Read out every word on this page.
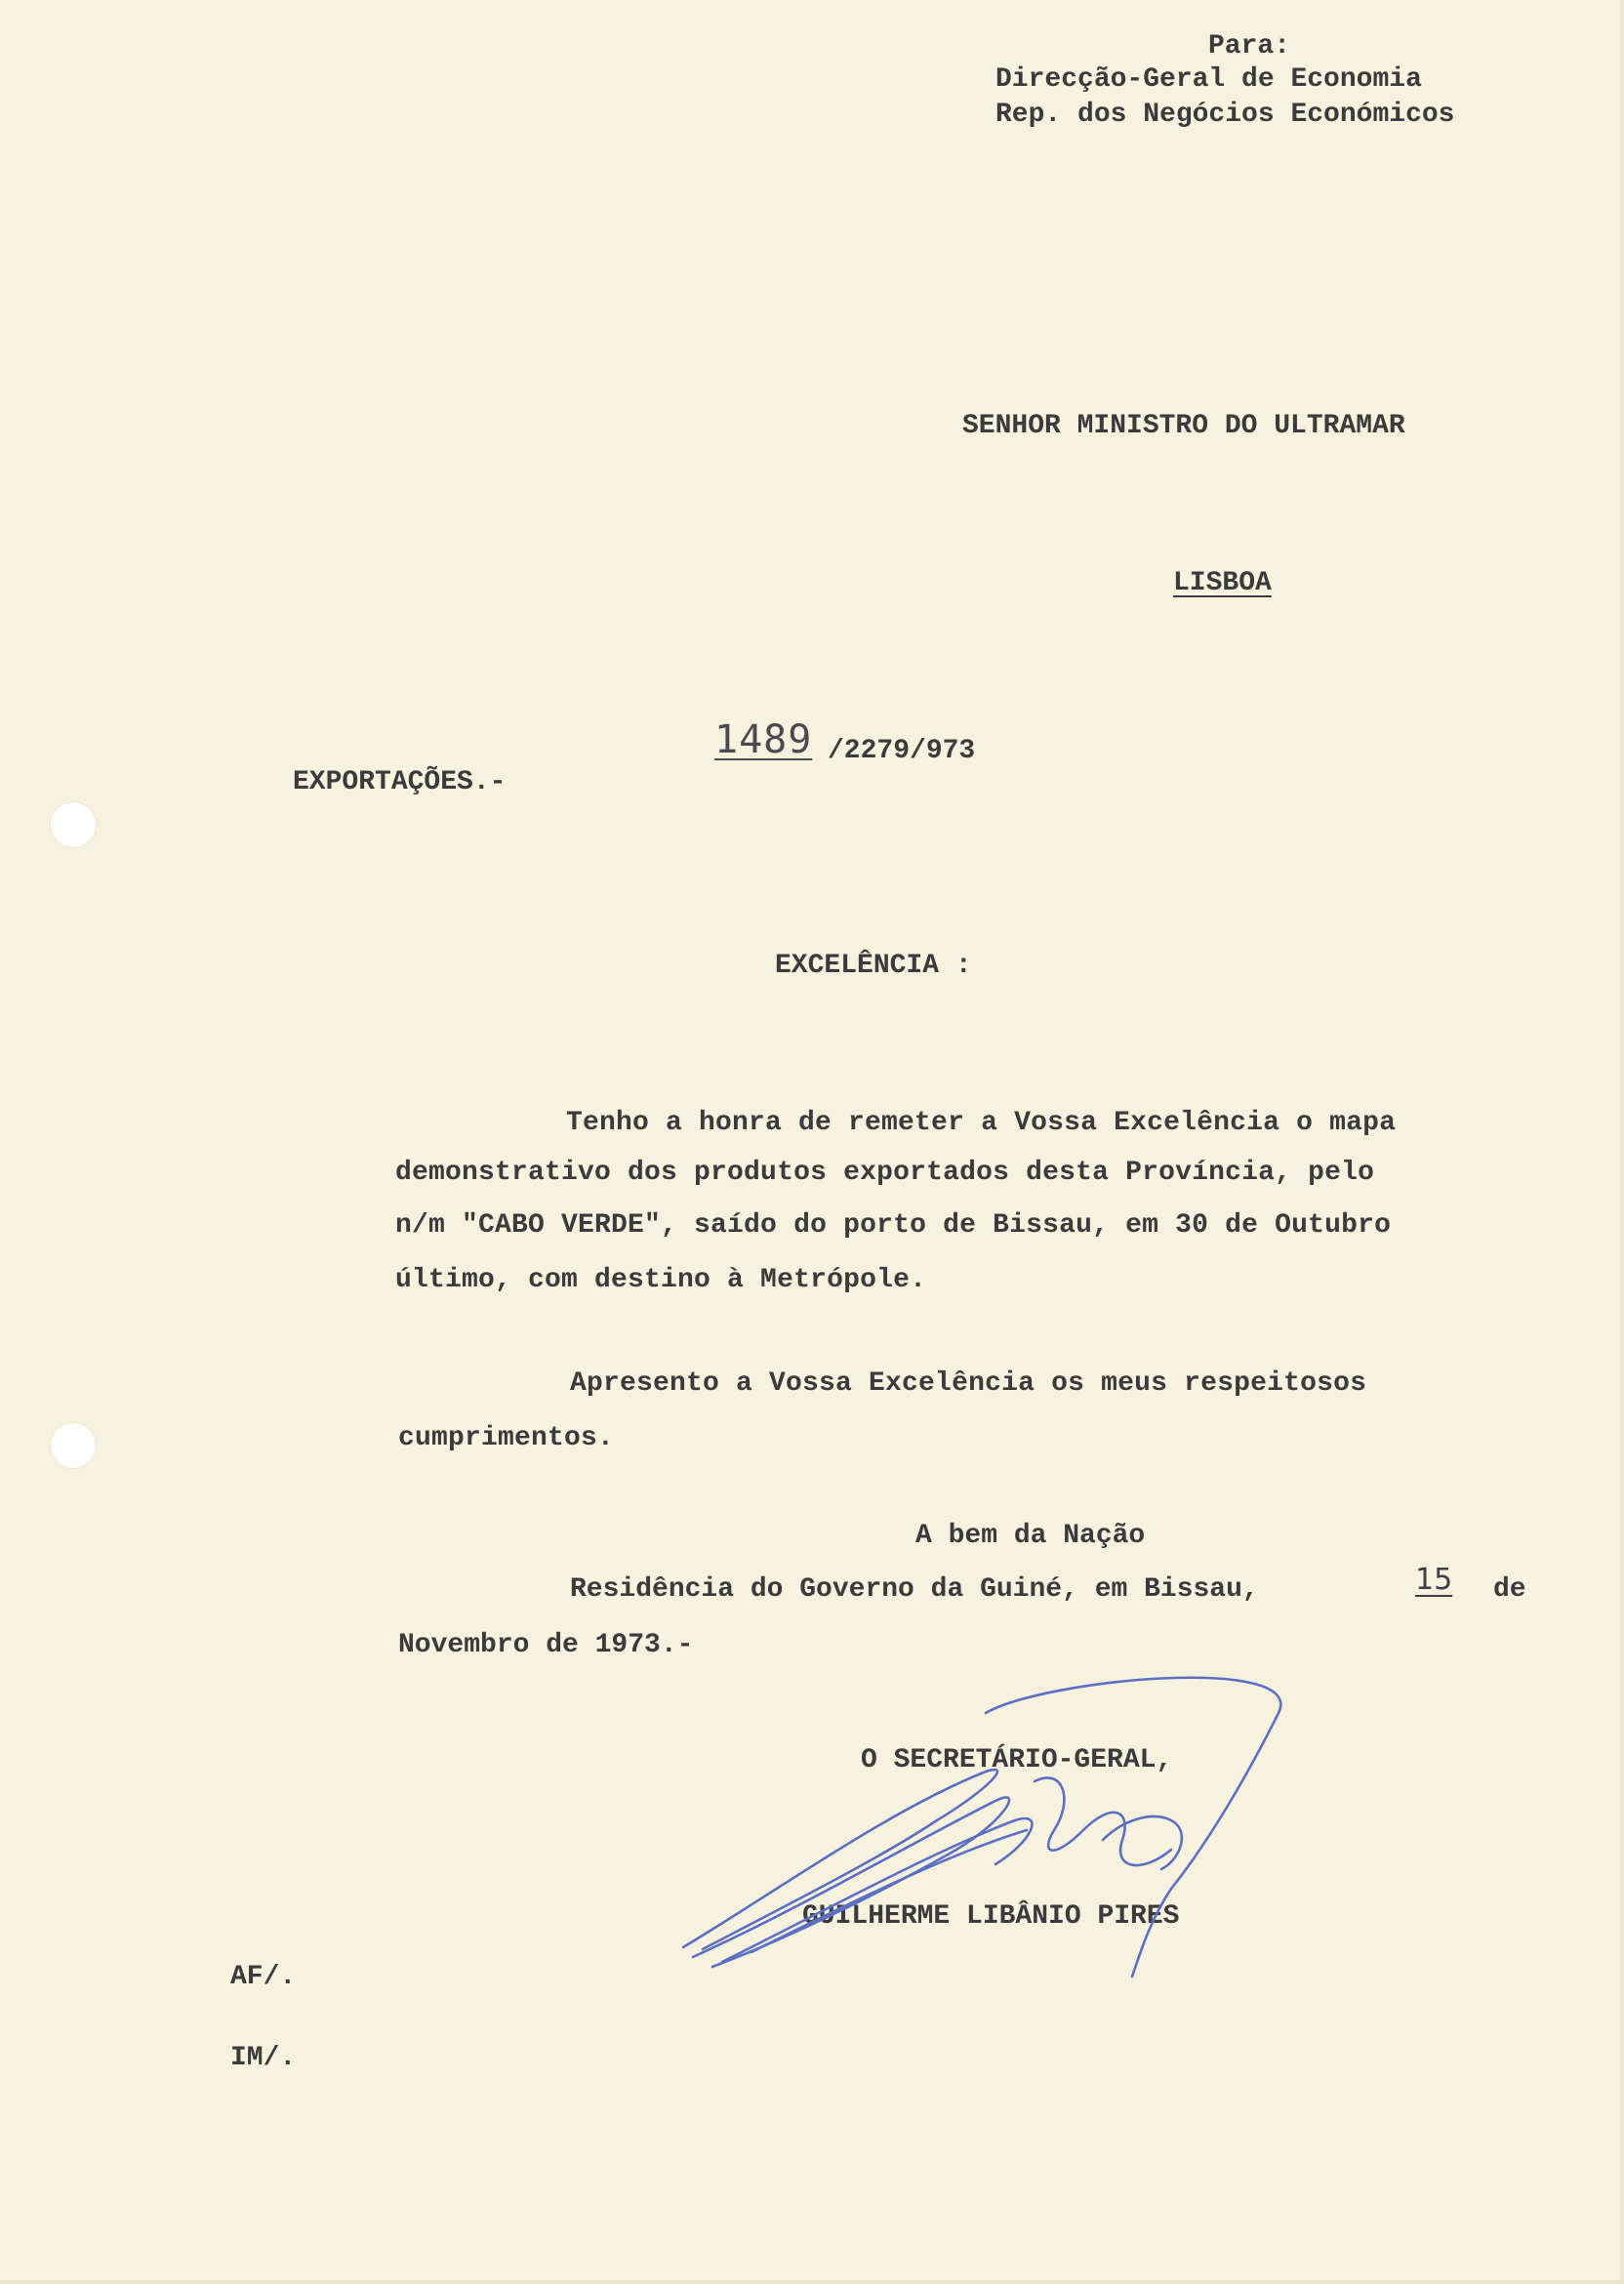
Para:
Direcção-Geral de Economia
Rep. dos Negócios Económicos
SENHOR MINISTRO DO ULTRAMAR
LISBOA
EXPORTAÇÕES.-
1489 /2279/973
EXCELÊNCIA :
Tenho a honra de remeter a Vossa Excelência o mapa
demonstrativo dos produtos exportados desta Província, pelo
n/m "CABO VERDE", saído do porto de Bissau, em 30 de Outubro
último, com destino à Metrópole.
Apresento a Vossa Excelência os meus respeitosos
cumprimentos.
A bem da Nação
Residência do Governo da Guiné, em Bissau,	15 de
Novembro de 1973.-
O SECRETÁRIO-GERAL,
GUILHERME LIBÂNIO PIRES
AF/.
IM/.
